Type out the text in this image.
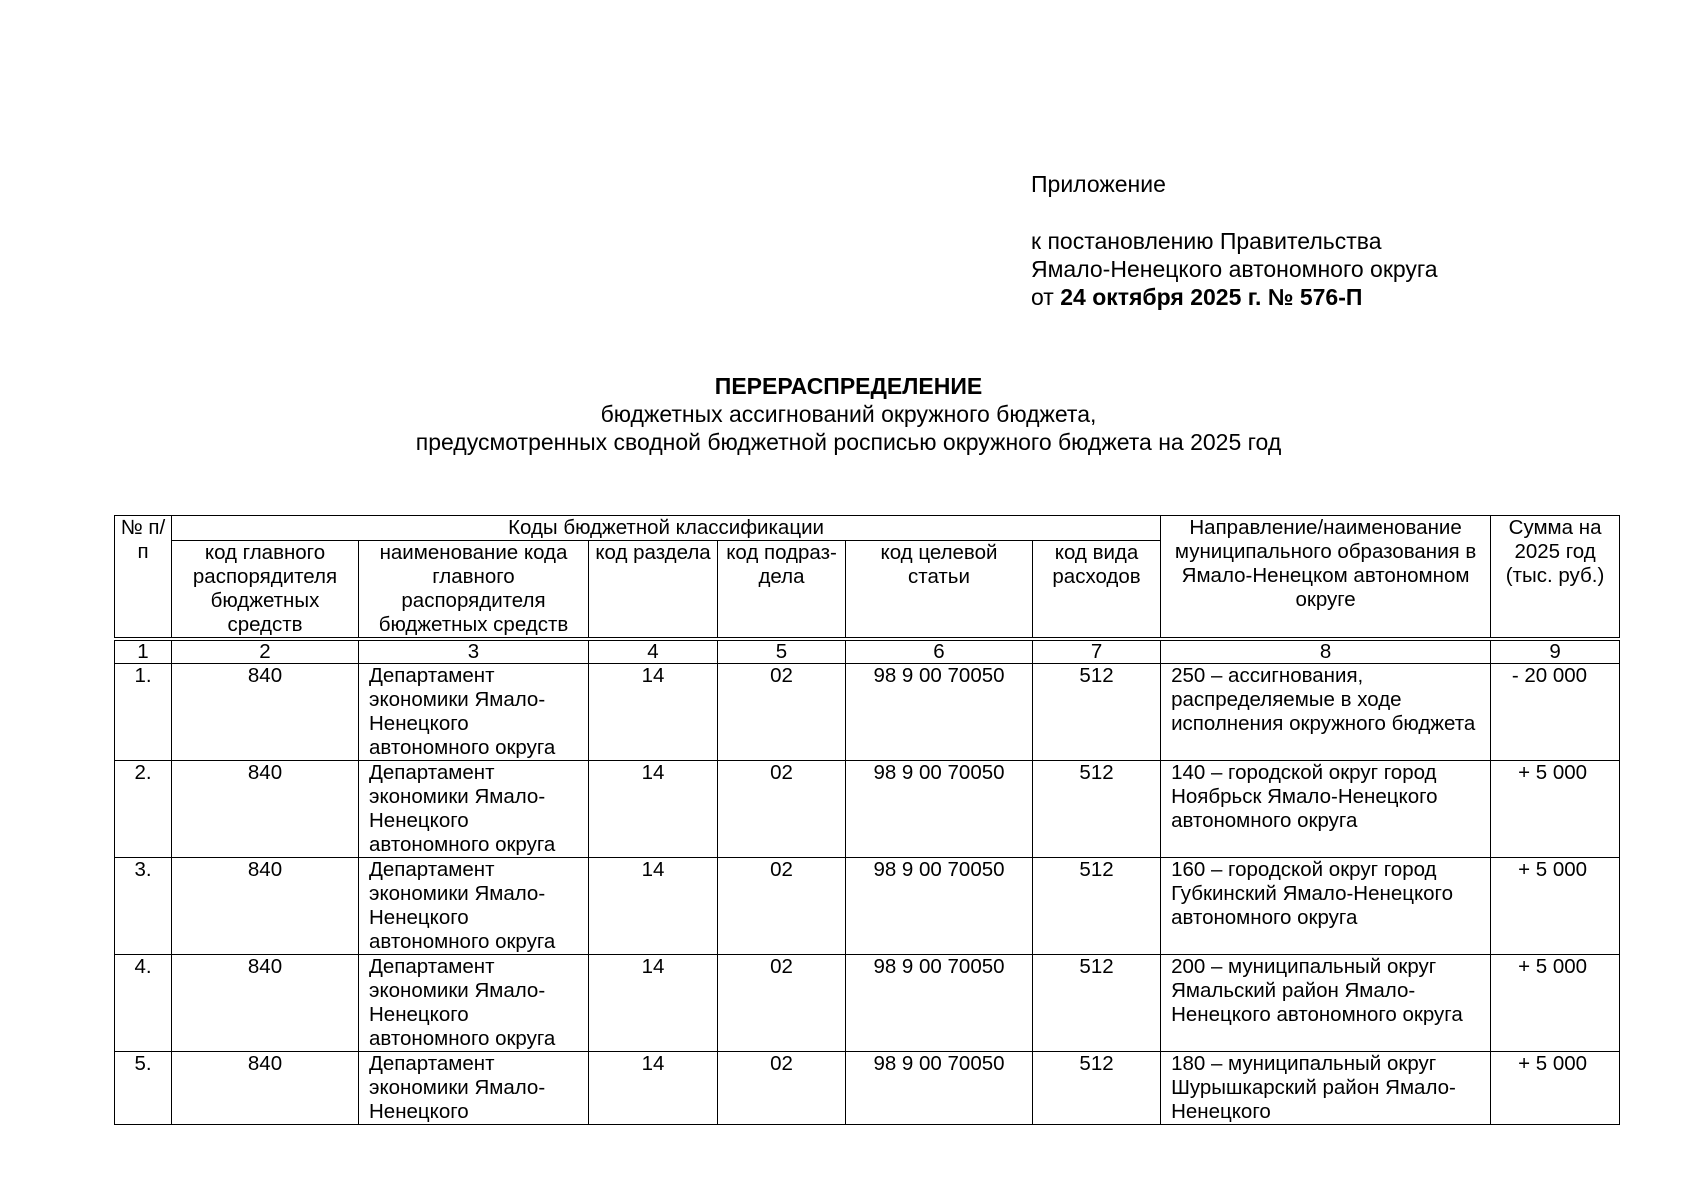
Приложение
к постановлению Правительства
Ямало-Ненецкого автономного округа
от 24 октября 2025 г. № 576-П
ПЕРЕРАСПРЕДЕЛЕНИЕ
бюджетных ассигнований окружного бюджета,
предусмотренных сводной бюджетной росписью окружного бюджета на 2025 год
№ п/п	Коды бюджетной классификации						Направление/наименование муниципального образования в Ямало-Ненецком автономном округе	Сумма на 2025 год (тыс. руб.)
	код главного распорядителя бюджетных средств	наименование кода главного распорядителя бюджетных средств	код раздела	код подраз-дела	код целевой статьи	код вида расходов		
1	2	3	4	5	6	7	8	9
1.	840	Департамент экономики Ямало-Ненецкого автономного округа	14	02	98 9 00 70050	512	250 – ассигнования, распределяемые в ходе исполнения окружного бюджета	- 20 000
2.	840	Департамент экономики Ямало-Ненецкого автономного округа	14	02	98 9 00 70050	512	140 – городской округ город Ноябрьск Ямало-Ненецкого автономного округа	+ 5 000
3.	840	Департамент экономики Ямало-Ненецкого автономного округа	14	02	98 9 00 70050	512	160 – городской округ город Губкинский Ямало-Ненецкого автономного округа	+ 5 000
4.	840	Департамент экономики Ямало-Ненецкого автономного округа	14	02	98 9 00 70050	512	200 – муниципальный округ Ямальский район Ямало-Ненецкого автономного округа	+ 5 000
5.	840	Департамент экономики Ямало-Ненецкого	14	02	98 9 00 70050	512	180 – муниципальный округ Шурышкарский район Ямало-Ненецкого	+ 5 000
